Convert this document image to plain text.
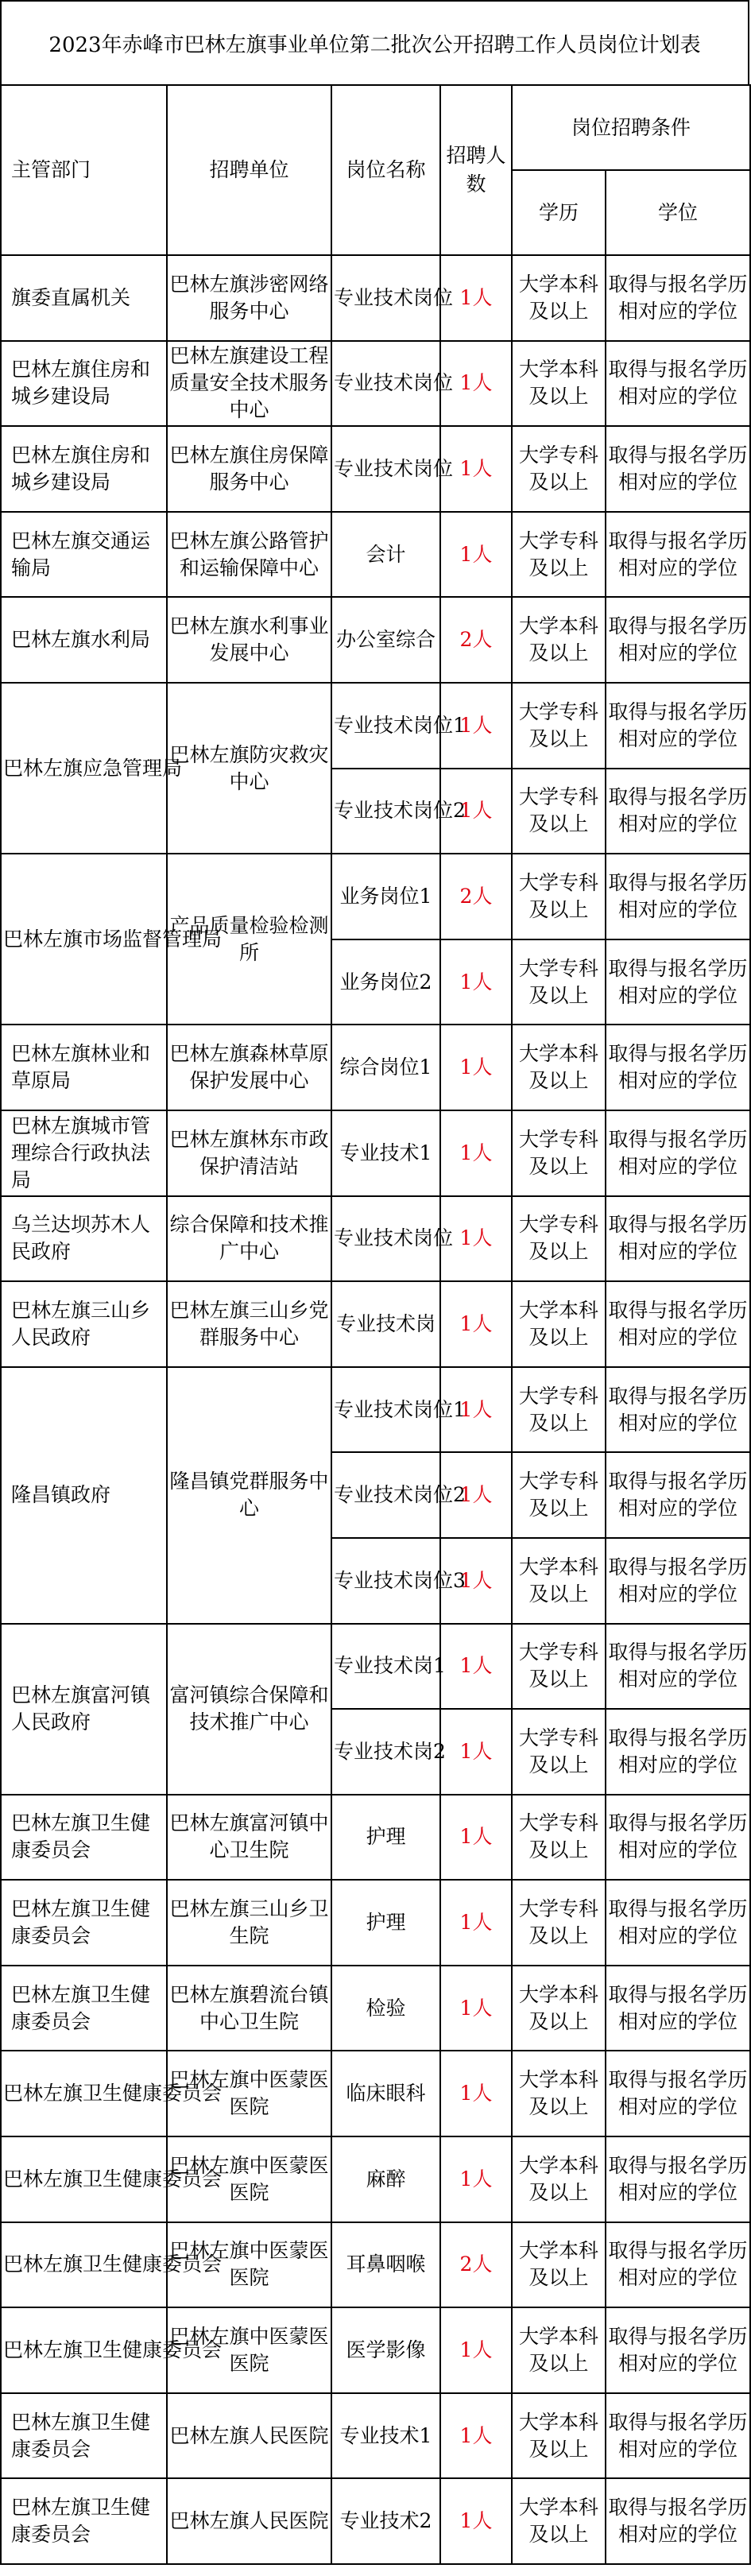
2023年赤峰市巴林左旗事业单位第二批次公开招聘工作人员岗位计划表
主管部门	招聘单位	岗位名称	招聘人数	岗位招聘条件	
				学历	学位
旗委直属机关	巴林左旗涉密网络服务中心	专业技术岗位	1人	大学本科及以上	取得与报名学历相对应的学位
巴林左旗住房和城乡建设局	巴林左旗建设工程质量安全技术服务中心	专业技术岗位	1人	大学本科及以上	取得与报名学历相对应的学位
巴林左旗住房和城乡建设局	巴林左旗住房保障服务中心	专业技术岗位	1人	大学专科及以上	取得与报名学历相对应的学位
巴林左旗交通运输局	巴林左旗公路管护和运输保障中心	会计	1人	大学专科及以上	取得与报名学历相对应的学位
巴林左旗水利局	巴林左旗水利事业发展中心	办公室综合	2人	大学本科及以上	取得与报名学历相对应的学位
巴林左旗应急管理局	巴林左旗防灾救灾中心	专业技术岗位1	1人	大学专科及以上	取得与报名学历相对应的学位
		专业技术岗位2	1人	大学专科及以上	取得与报名学历相对应的学位
巴林左旗市场监督管理局	产品质量检验检测所	业务岗位1	2人	大学专科及以上	取得与报名学历相对应的学位
		业务岗位2	1人	大学专科及以上	取得与报名学历相对应的学位
巴林左旗林业和草原局	巴林左旗森林草原保护发展中心	综合岗位1	1人	大学本科及以上	取得与报名学历相对应的学位
巴林左旗城市管理综合行政执法局	巴林左旗林东市政保护清洁站	专业技术1	1人	大学专科及以上	取得与报名学历相对应的学位
乌兰达坝苏木人民政府	综合保障和技术推广中心	专业技术岗位	1人	大学专科及以上	取得与报名学历相对应的学位
巴林左旗三山乡人民政府	巴林左旗三山乡党群服务中心	专业技术岗	1人	大学本科及以上	取得与报名学历相对应的学位
隆昌镇政府	隆昌镇党群服务中心	专业技术岗位1	1人	大学专科及以上	取得与报名学历相对应的学位
		专业技术岗位2	1人	大学专科及以上	取得与报名学历相对应的学位
		专业技术岗位3	1人	大学本科及以上	取得与报名学历相对应的学位
巴林左旗富河镇人民政府	富河镇综合保障和技术推广中心	专业技术岗1	1人	大学专科及以上	取得与报名学历相对应的学位
		专业技术岗2	1人	大学专科及以上	取得与报名学历相对应的学位
巴林左旗卫生健康委员会	巴林左旗富河镇中心卫生院	护理	1人	大学专科及以上	取得与报名学历相对应的学位
巴林左旗卫生健康委员会	巴林左旗三山乡卫生院	护理	1人	大学专科及以上	取得与报名学历相对应的学位
巴林左旗卫生健康委员会	巴林左旗碧流台镇中心卫生院	检验	1人	大学本科及以上	取得与报名学历相对应的学位
巴林左旗卫生健康委员会	巴林左旗中医蒙医医院	临床眼科	1人	大学本科及以上	取得与报名学历相对应的学位
巴林左旗卫生健康委员会	巴林左旗中医蒙医医院	麻醉	1人	大学本科及以上	取得与报名学历相对应的学位
巴林左旗卫生健康委员会	巴林左旗中医蒙医医院	耳鼻咽喉	2人	大学本科及以上	取得与报名学历相对应的学位
巴林左旗卫生健康委员会	巴林左旗中医蒙医医院	医学影像	1人	大学本科及以上	取得与报名学历相对应的学位
巴林左旗卫生健康委员会	巴林左旗人民医院	专业技术1	1人	大学本科及以上	取得与报名学历相对应的学位
巴林左旗卫生健康委员会	巴林左旗人民医院	专业技术2	1人	大学本科及以上	取得与报名学历相对应的学位
